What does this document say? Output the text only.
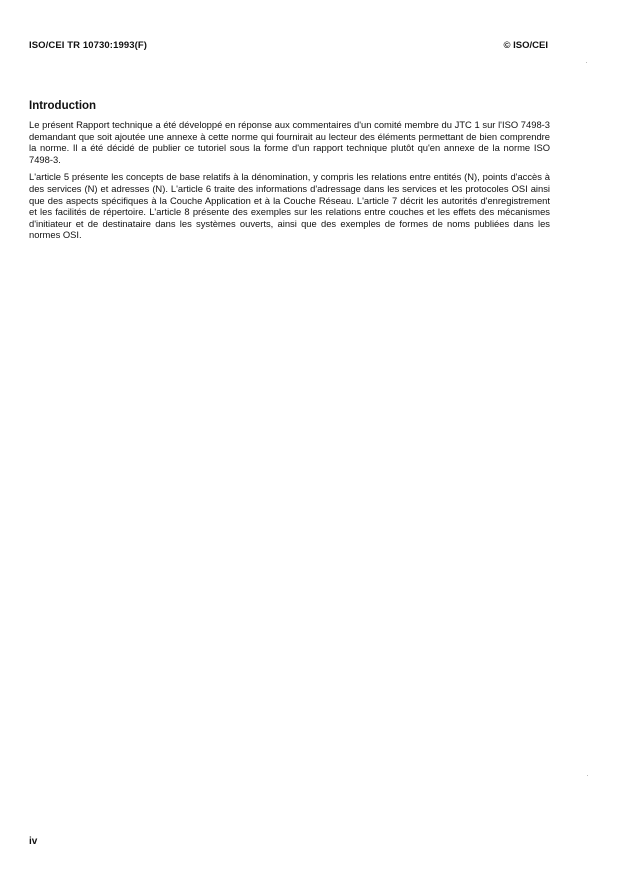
ISO/CEI TR 10730:1993(F)	© ISO/CEI
Introduction

Le présent Rapport technique a été développé en réponse aux commentaires d'un comité membre du JTC 1 sur l'ISO 7498-3 demandant que soit ajoutée une annexe à cette norme qui fournirait au lecteur des éléments permettant de bien comprendre la norme. Il a été décidé de publier ce tutoriel sous la forme d'un rapport technique plutôt qu'en annexe de la norme ISO 7498-3.

L'article 5 présente les concepts de base relatifs à la dénomination, y compris les relations entre entités (N), points d'accès à des services (N) et adresses (N). L'article 6 traite des informations d'adressage dans les services et les protocoles OSI ainsi que des aspects spécifiques à la Couche Application et à la Couche Réseau. L'article 7 décrit les autorités d'enregistrement et les facilités de répertoire. L'article 8 présente des exemples sur les relations entre couches et les effets des mécanismes d'initiateur et de destinataire dans les systèmes ouverts, ainsi que des exemples de formes de noms publiées dans les normes OSI.

iv
